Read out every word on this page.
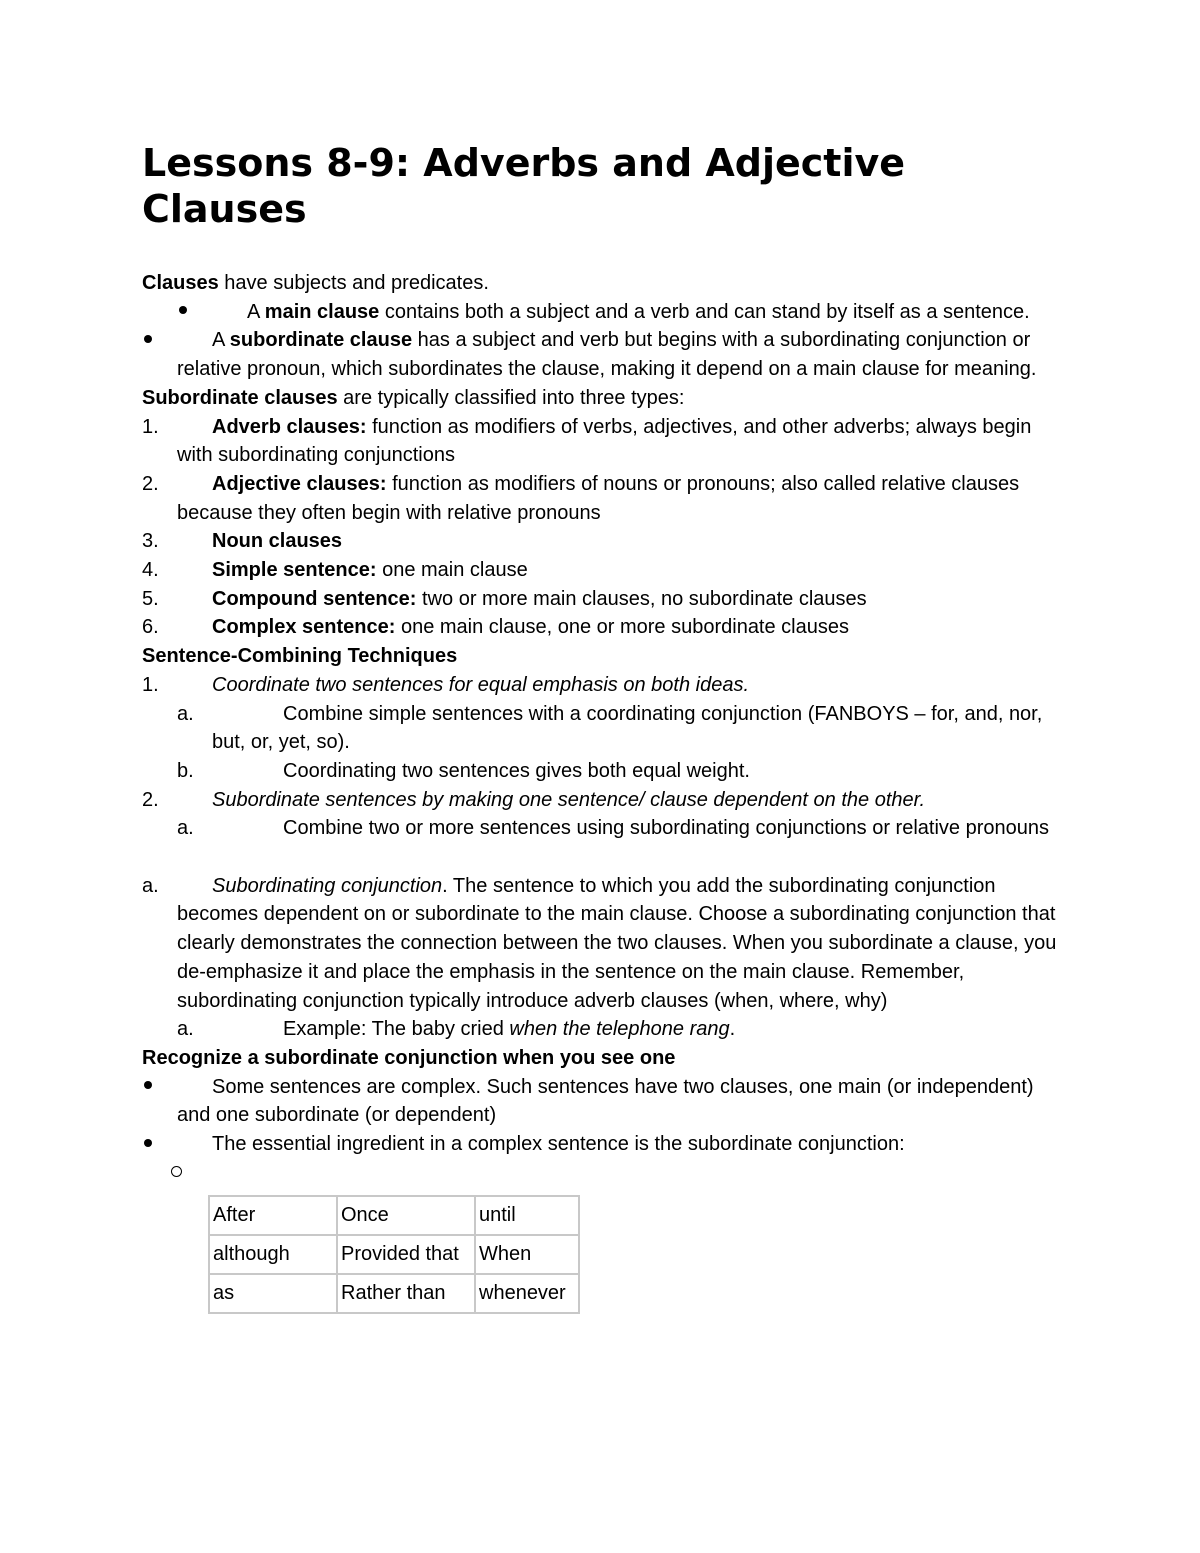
Lessons 8-9: Adverbs and Adjective Clauses

Clauses have subjects and predicates.

A main clause contains both a subject and a verb and can stand by itself as a sentence.
A subordinate clause has a subject and verb but begins with a subordinating conjunction or relative pronoun, which subordinates the clause, making it depend on a main clause for meaning.

Subordinate clauses are typically classified into three types:

1.	Adverb clauses: function as modifiers of verbs, adjectives, and other adverbs; always begin with subordinating conjunctions
2.	Adjective clauses: function as modifiers of nouns or pronouns; also called relative clauses because they often begin with relative pronouns
3.	Noun clauses
4.	Simple sentence: one main clause
5.	Compound sentence: two or more main clauses, no subordinate clauses
6.	Complex sentence: one main clause, one or more subordinate clauses

Sentence-Combining Techniques

1.	Coordinate two sentences for equal emphasis on both ideas.
a.	Combine simple sentences with a coordinating conjunction (FANBOYS – for, and, nor, but, or, yet, so).
b.	Coordinating two sentences gives both equal weight.
2.	Subordinate sentences by making one sentence/ clause dependent on the other.
a.	Combine two or more sentences using subordinating conjunctions or relative pronouns
a.	Subordinating conjunction. The sentence to which you add the subordinating conjunction becomes dependent on or subordinate to the main clause. Choose a subordinating conjunction that clearly demonstrates the connection between the two clauses. When you subordinate a clause, you de-emphasize it and place the emphasis in the sentence on the main clause. Remember, subordinating conjunction typically introduce adverb clauses (when, where, why)
a.	Example: The baby cried when the telephone rang.

Recognize a subordinate conjunction when you see one

Some sentences are complex. Such sentences have two clauses, one main (or independent) and one subordinate (or dependent)
The essential ingredient in a complex sentence is the subordinate conjunction:
After	Once	until
although	Provided that	When
as	Rather than	whenever
